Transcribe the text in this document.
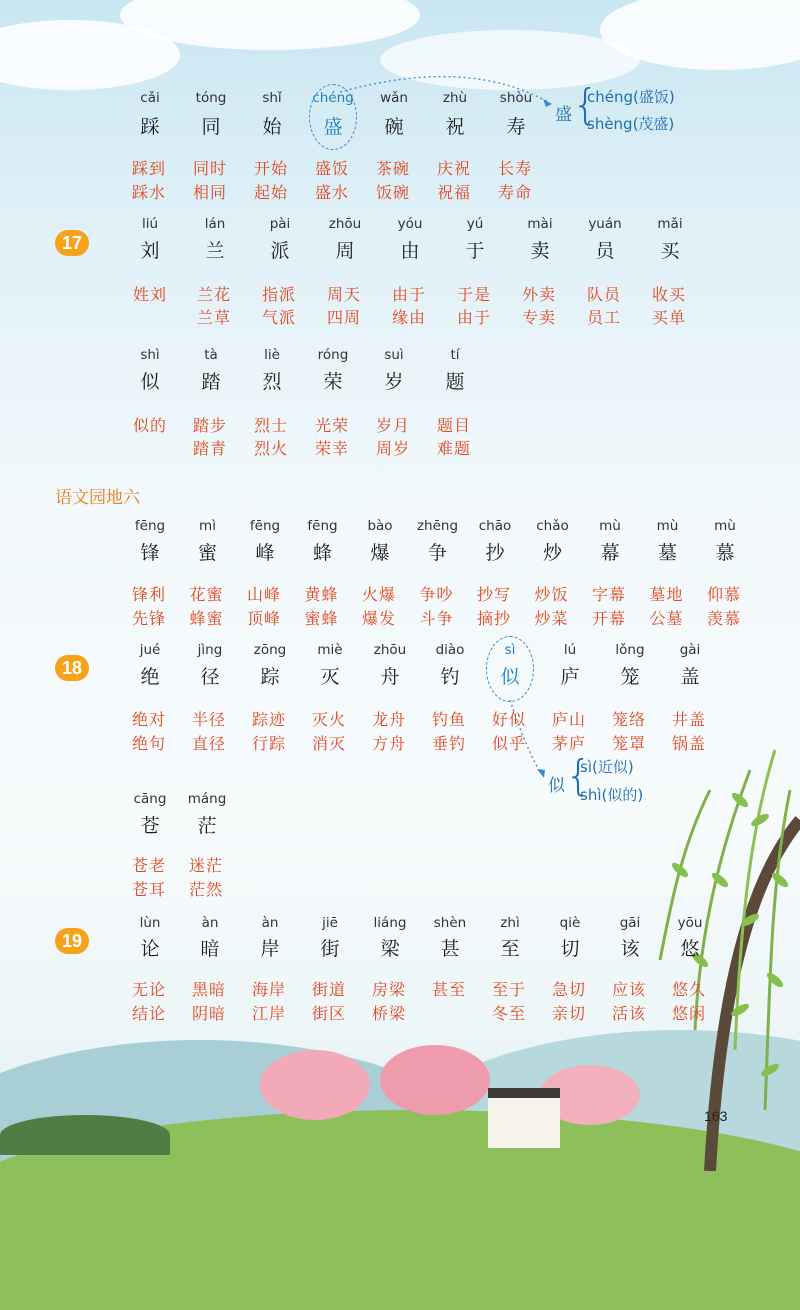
cǎi
踩
tóng
同
shǐ
始
chéng
盛
wǎn
碗
zhù
祝
shòu
寿
踩到
踩水
同时
相同
开始
起始
盛饭
盛水
茶碗
饭碗
庆祝
祝福
长寿
寿命
17
liú
刘
lán
兰
pài
派
zhōu
周
yóu
由
yú
于
mài
卖
yuán
员
mǎi
买
姓刘 兰花
兰草
指派
气派
周天
四周
由于
缘由
于是
由于
外卖
专卖
队员
员工
收买
买单
shì
似
tà
踏
liè
烈
róng
荣
suì
岁
tí
题
似的 踏步
踏青
烈士
烈火
光荣
荣幸
岁月
周岁
题目
难题
fēng
锋
mì
蜜
fēng
峰
fēng
蜂
bào
爆
zhēng
争
chāo
抄
chǎo
炒
mù
幕
mù
墓
mù
慕
锋利
先锋
花蜜
蜂蜜
山峰
顶峰
黄蜂
蜜蜂
火爆
爆发
争吵
斗争
抄写
摘抄
炒饭
炒菜
字幕
开幕
墓地
公墓
仰慕
羡慕
18
jué
绝
jìng
径
zōng
踪
miè
灭
zhōu
舟
diào
钓
sì
似
lú
庐
lǒng
笼
gài
盖
绝对
绝句
半径
直径
踪迹
行踪
灭火
消灭
龙舟
方舟
钓鱼
垂钓
好似
似乎
庐山
茅庐
笼络
笼罩
井盖
锅盖
cāng
苍
máng
茫
苍老
苍耳
迷茫
茫然
19
lùn
论
àn
暗
àn
岸
jiē
街
liáng
梁
shèn
甚
zhì
至
qiè
切
gāi
该
yōu
悠
无论
结论
黑暗
阴暗
海岸
江岸
街道
街区
房梁
桥梁
甚至 至于
冬至
急切
亲切
应该
活该
悠久
悠闲
语文园地六
盛 {
chéng(盛饭)
shèng(茂盛)
似 {
sì(近似)
shì(似的)
163
